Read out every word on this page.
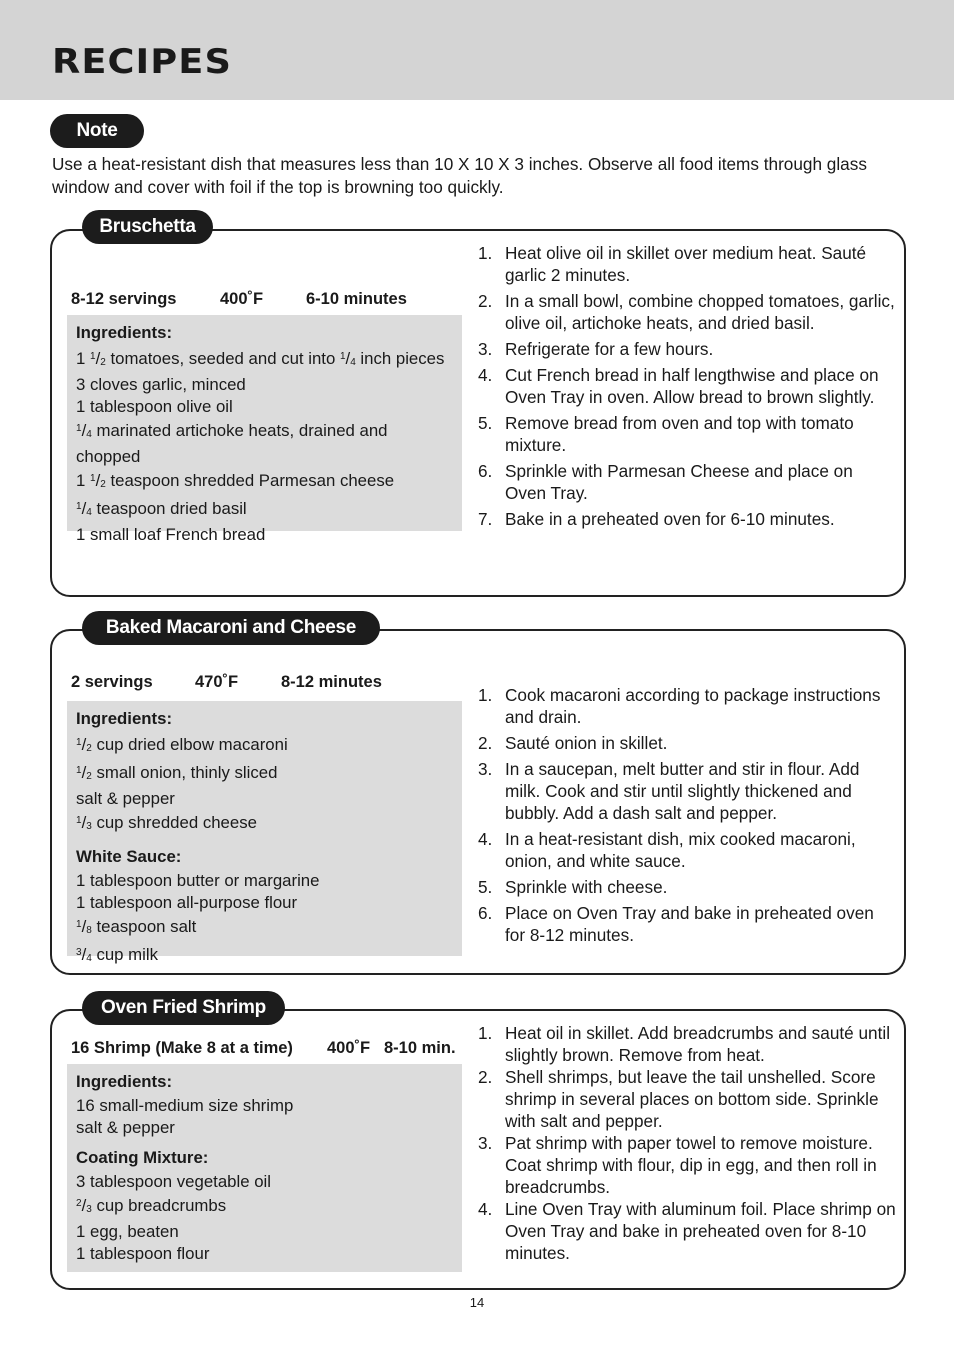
RECIPES
Note
Use a heat-resistant dish that measures less than 10 X 10 X 3 inches. Observe all food items through glass window and cover with foil if the top is browning too quickly.
Bruschetta
8-12 servings	400˚F	6-10 minutes
Ingredients:
1 $^1/_2$ tomatoes, seeded and cut into $^1/_4$ inch pieces
3 cloves garlic, minced
1 tablespoon olive oil
$^1/_4$ marinated artichoke heats, drained and
chopped
1 $^1/_2$ teaspoon shredded Parmesan cheese
$^1/_4$ teaspoon dried basil
1 small loaf French bread
1. Heat olive oil in skillet over medium heat. Sauté garlic 2 minutes.
2. In a small bowl, combine chopped tomatoes, garlic, olive oil, artichoke heats, and dried basil.
3. Refrigerate for a few hours.
4. Cut French bread in half lengthwise and place on Oven Tray in oven. Allow bread to brown slightly.
5. Remove bread from oven and top with tomato mixture.
6. Sprinkle with Parmesan Cheese and place on Oven Tray.
7. Bake in a preheated oven for 6-10 minutes.
Baked Macaroni and Cheese
2 servings	470˚F	8-12 minutes
Ingredients:
$^1/_2$ cup dried elbow macaroni
$^1/_2$ small onion, thinly sliced
salt & pepper
$^1/_3$ cup shredded cheese
White Sauce:
1 tablespoon butter or margarine
1 tablespoon all-purpose flour
$^1/_8$ teaspoon salt
$^3/_4$ cup milk
1. Cook macaroni according to package instructions and drain.
2. Sauté onion in skillet.
3. In a saucepan, melt butter and stir in flour. Add milk. Cook and stir until slightly thickened and bubbly. Add a dash salt and pepper.
4. In a heat-resistant dish, mix cooked macaroni, onion, and white sauce.
5. Sprinkle with cheese.
6. Place on Oven Tray and bake in preheated oven for 8-12 minutes.
Oven Fried Shrimp
16 Shrimp (Make 8 at a time) 400˚F 8-10 min.
Ingredients:
16 small-medium size shrimp
salt & pepper
Coating Mixture:
3 tablespoon vegetable oil
$^2/_3$ cup breadcrumbs
1 egg, beaten
1 tablespoon flour
1. Heat oil in skillet. Add breadcrumbs and sauté until slightly brown. Remove from heat.
2. Shell shrimps, but leave the tail unshelled. Score shrimp in several places on bottom side. Sprinkle with salt and pepper.
3. Pat shrimp with paper towel to remove moisture. Coat shrimp with flour, dip in egg, and then roll in breadcrumbs.
4. Line Oven Tray with aluminum foil. Place shrimp on Oven Tray and bake in preheated oven for 8-10 minutes.
14
